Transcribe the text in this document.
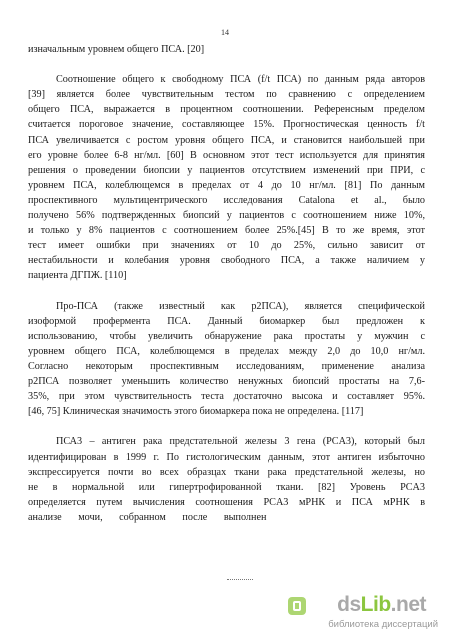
14
изначальным уровнем общего ПСА. [20]
Соотношение общего к свободному ПСА (f/t ПСА) по данным ряда авторов
[39] является более чувствительным тестом по сравнению с определением
общего ПСА, выражается в процентном соотношении. Референсным пределом
считается пороговое значение, составляющее 15%. Прогностическая ценность f/t
ПСА увеличивается с ростом уровня общего ПСА, и становится наибольшей при
его уровне более 6-8 нг/мл. [60] В основном этот тест используется для принятия
решения о проведении биопсии у пациентов отсутствием изменений при ПРИ, с
уровнем ПСА, колеблющемся в пределах от 4 до 10 нг/мл. [81] По данным
проспективного мультицентрического исследования Catalona et al., было
получено 56% подтвержденных биопсий у пациентов с соотношением ниже 10%,
и только у 8% пациентов с соотношением более 25%.[45] В то же время, этот
тест имеет ошибки при значениях от 10 до 25%, сильно зависит от
нестабильности и колебания уровня свободного ПСА, а также наличием у
пациента ДГПЖ. [110]
Про-ПСА (также известный как р2ПСА), является специфической
изоформой профермента ПСА. Данный биомаркер был предложен к
использованию, чтобы увеличить обнаружение рака простаты у мужчин с
уровнем общего ПСА, колеблющемся в пределах между 2,0 до 10,0 нг/мл.
Согласно некоторым проспективным исследованиям, применение анализа
р2ПСА позволяет уменьшить количество ненужных биопсий простаты на 7,6-
35%, при этом чувствительность теста достаточно высока и составляет 95%.
[46, 75] Клиническая значимость этого биомаркера пока не определена. [117]
ПСА3 – антиген рака предстательной железы 3 гена (PCA3), который был
идентифицирован в 1999 г. По гистологическим данным, этот антиген избыточно
экспрессируется почти во всех образцах ткани рака предстательной железы, но
не в нормальной или гипертрофированной ткани. [82] Уровень PCA3
определяется путем вычисления соотношения PCA3 мРНК и ПСА мРНК в
анализе мочи, собранном после выполнен
dsLib.net
библиотека диссертаций
